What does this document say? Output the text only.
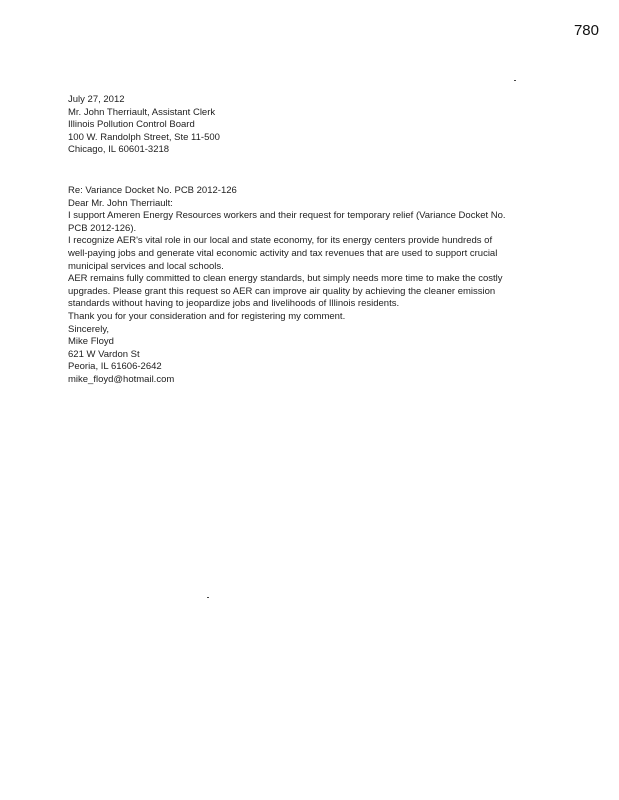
780

July 27, 2012

Mr. John Therriault, Assistant Clerk

Illinois Pollution Control Board

100 W. Randolph Street, Ste 11-500

Chicago, IL 60601-3218

Re: Variance Docket No. PCB 2012-126

Dear Mr. John Therriault:

I support Ameren Energy Resources workers and their request for temporary relief (Variance Docket No. PCB 2012-126).

I recognize AER's vital role in our local and state economy, for its energy centers provide hundreds of well-paying jobs and generate vital economic activity and tax revenues that are used to support crucial municipal services and local schools.

AER remains fully committed to clean energy standards, but simply needs more time to make the costly upgrades. Please grant this request so AER can improve air quality by achieving the cleaner emission standards without having to jeopardize jobs and livelihoods of Illinois residents.

Thank you for your consideration and for registering my comment.

Sincerely,

Mike Floyd

621 W Vardon St

Peoria, IL 61606-2642

mike_floyd@hotmail.com
